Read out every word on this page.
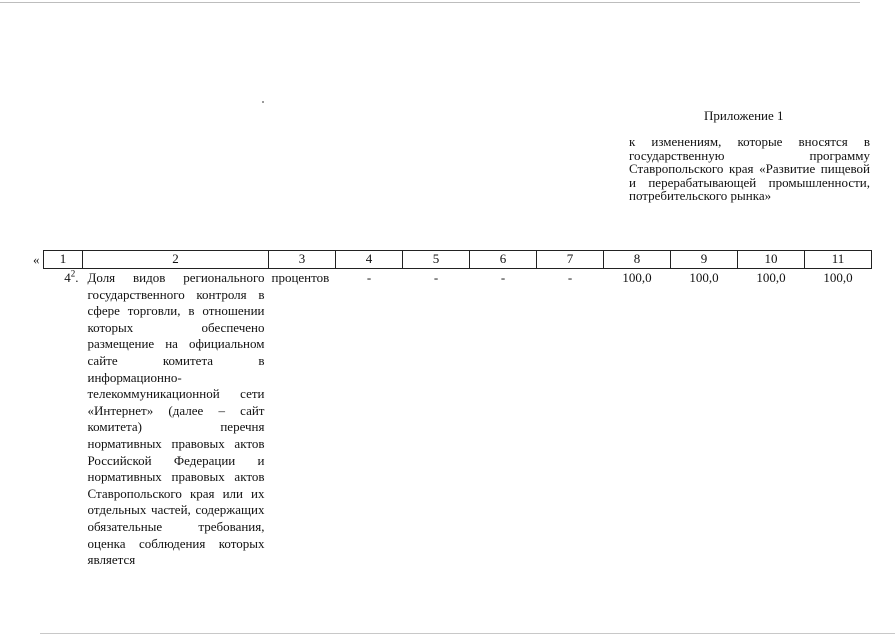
Приложение 1
к изменениям, которые вносятся в государственную программу Ставропольского края «Развитие пищевой и перерабатывающей промышленности, потребительского рынка»
« 1	2	3	4	5	6	7	8	9	10	11
$4^2$.	Доля видов регионального государственного контроля в сфере торговли, в отношении которых обеспечено размещение на официальном сайте комитета в информационно-телекоммуникационной сети «Интернет» (далее – сайт комитета) перечня нормативных правовых актов Российской Федерации и нормативных правовых актов Ставропольского края или их отдельных частей, содержащих обязательные требования, оценка соблюдения которых является	процентов	-	-	-	-	100,0	100,0	100,0	100,0
